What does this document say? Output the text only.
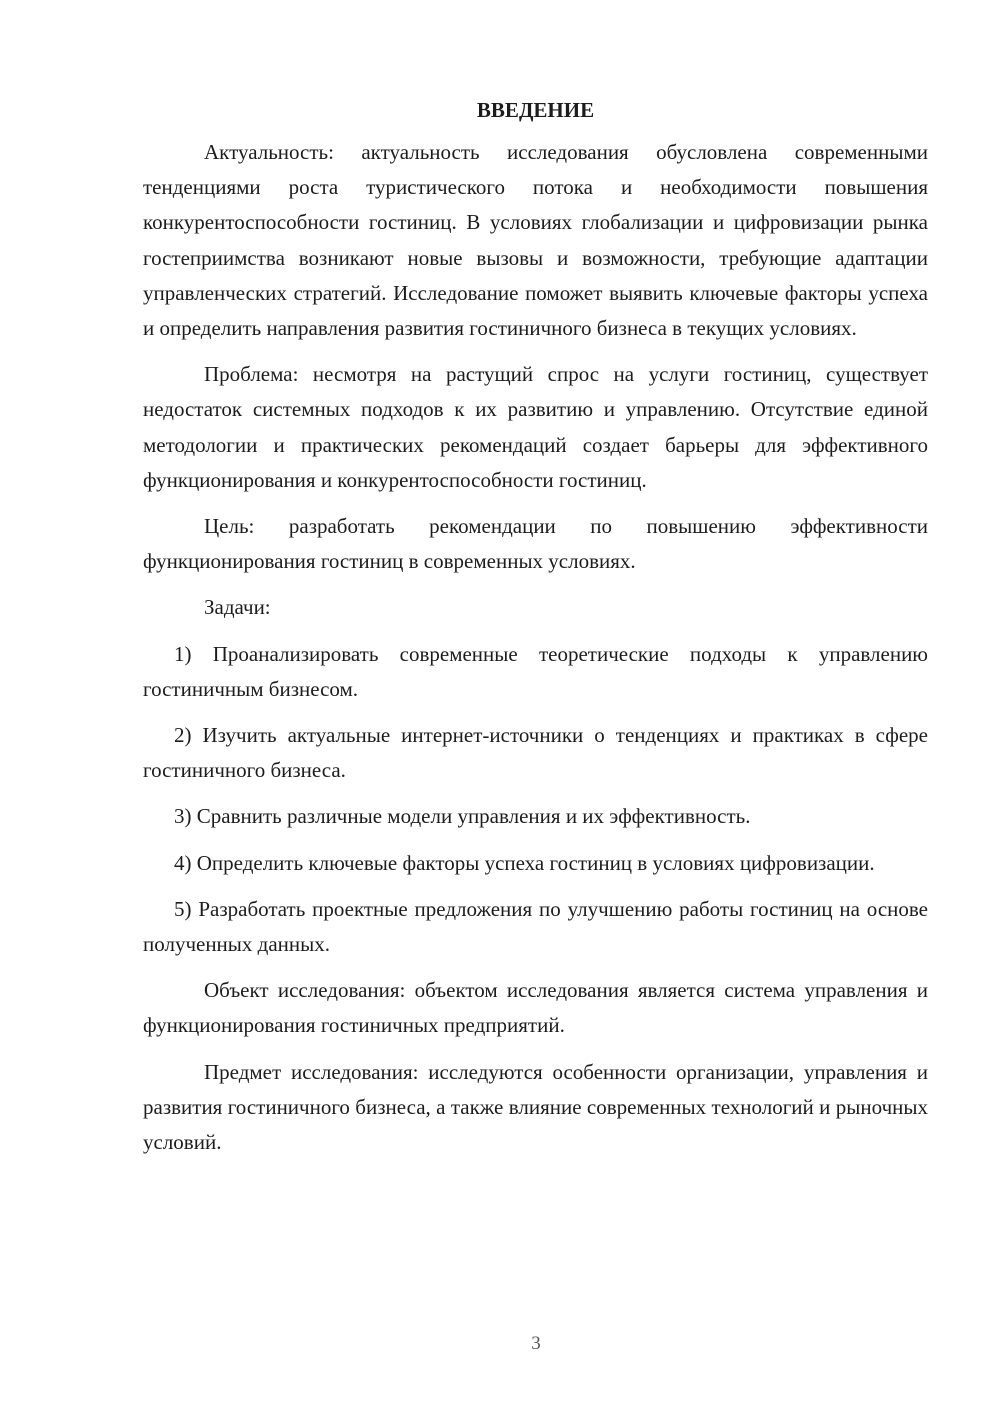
ВВЕДЕНИЕ

Актуальность: актуальность исследования обусловлена современными тенденциями роста туристического потока и необходимости повышения конкурентоспособности гостиниц. В условиях глобализации и цифровизации рынка гостеприимства возникают новые вызовы и возможности, требующие адаптации управленческих стратегий. Исследование поможет выявить ключевые факторы успеха и определить направления развития гостиничного бизнеса в текущих условиях.

Проблема: несмотря на растущий спрос на услуги гостиниц, существует недостаток системных подходов к их развитию и управлению. Отсутствие единой методологии и практических рекомендаций создает барьеры для эффективного функционирования и конкурентоспособности гостиниц.

Цель: разработать рекомендации по повышению эффективности функционирования гостиниц в современных условиях.

Задачи:

1) Проанализировать современные теоретические подходы к управлению гостиничным бизнесом.

2) Изучить актуальные интернет-источники о тенденциях и практиках в сфере гостиничного бизнеса.

3) Сравнить различные модели управления и их эффективность.

4) Определить ключевые факторы успеха гостиниц в условиях цифровизации.

5) Разработать проектные предложения по улучшению работы гостиниц на основе полученных данных.

Объект исследования: объектом исследования является система управления и функционирования гостиничных предприятий.

Предмет исследования: исследуются особенности организации, управления и развития гостиничного бизнеса, а также влияние современных технологий и рыночных условий.

3
